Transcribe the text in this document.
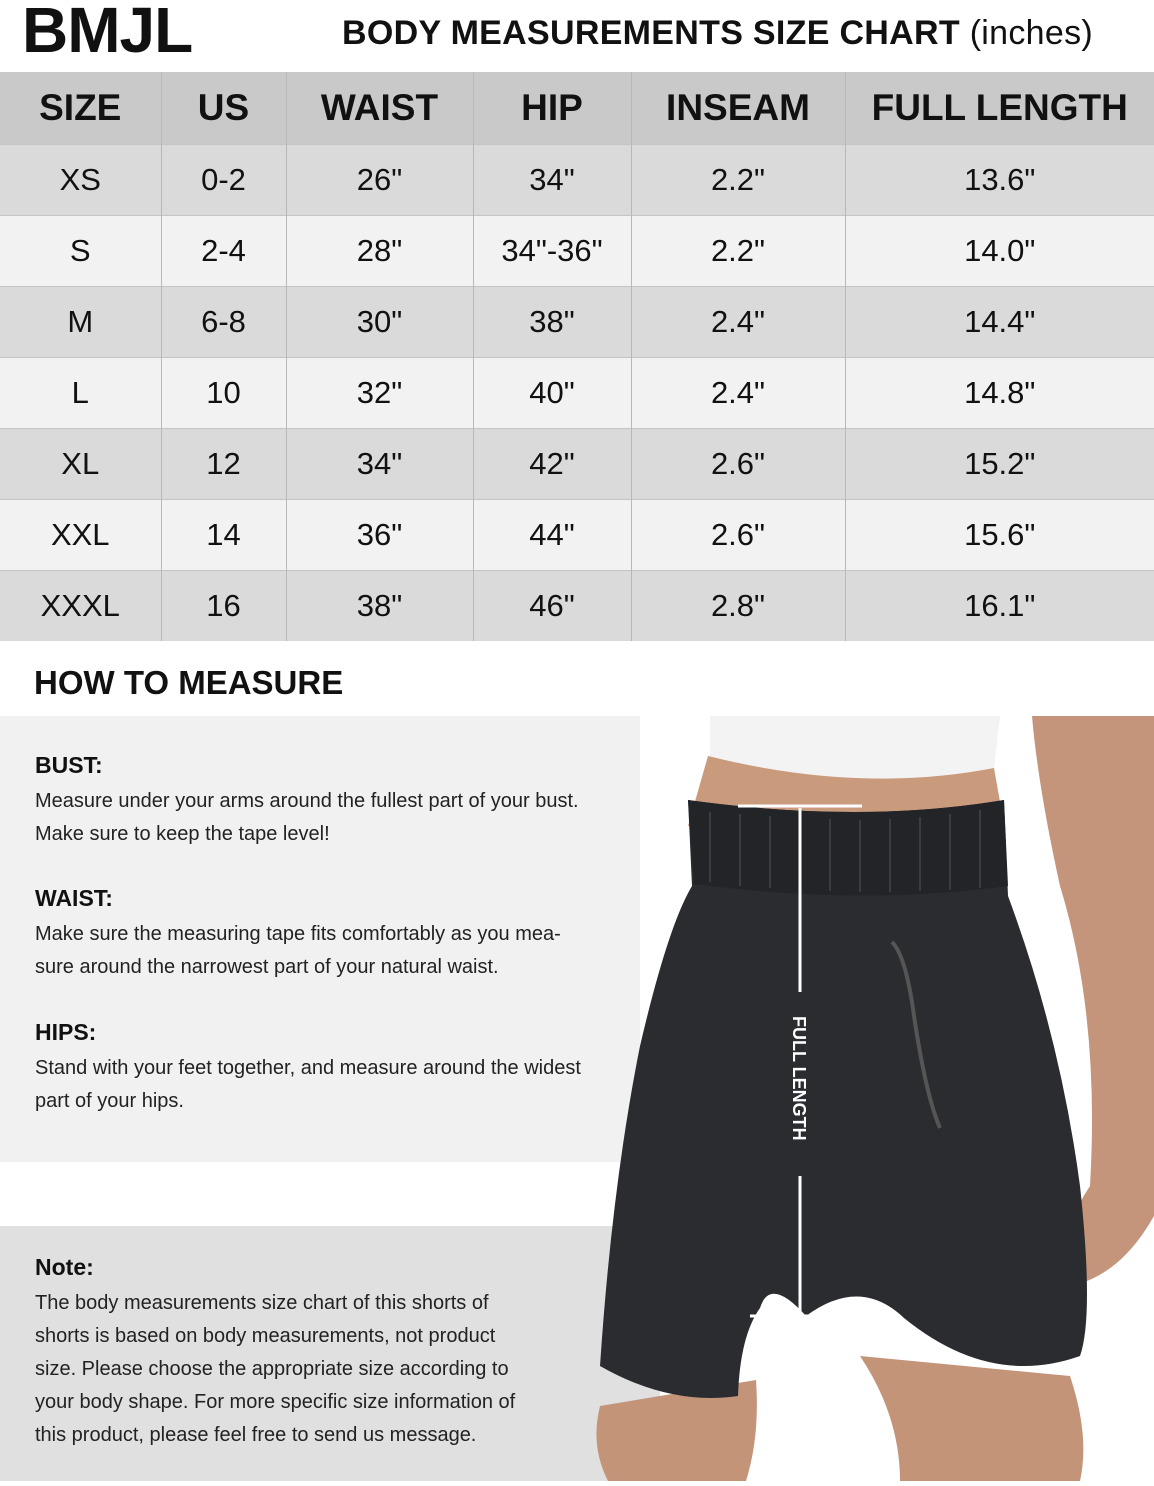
BMJL	BODY MEASUREMENTS SIZE CHART (inches)
SIZE	US	WAIST	HIP	INSEAM	FULL LENGTH
XS	0-2	26"	34"	2.2"	13.6"
S	2-4	28"	34"-36"	2.2"	14.0"
M	6-8	30"	38"	2.4"	14.4"
L	10	32"	40"	2.4"	14.8"
XL	12	34"	42"	2.6"	15.2"
XXL	14	36"	44"	2.6"	15.6"
XXXL	16	38"	46"	2.8"	16.1"
HOW TO MEASURE
BUST:
Measure under your arms around the fullest part of your bust.
Make sure to keep the tape level!
WAIST:
Make sure the measuring tape fits comfortably as you mea-
sure around the narrowest part of your natural waist.
HIPS:
Stand with your feet together, and measure around the widest
part of your hips.
Note:
The body measurements size chart of this shorts of
shorts is based on body measurements, not product
size. Please choose the appropriate size according to
your body shape. For more specific size information of
this product, please feel free to send us message.
FULL LENGTH
